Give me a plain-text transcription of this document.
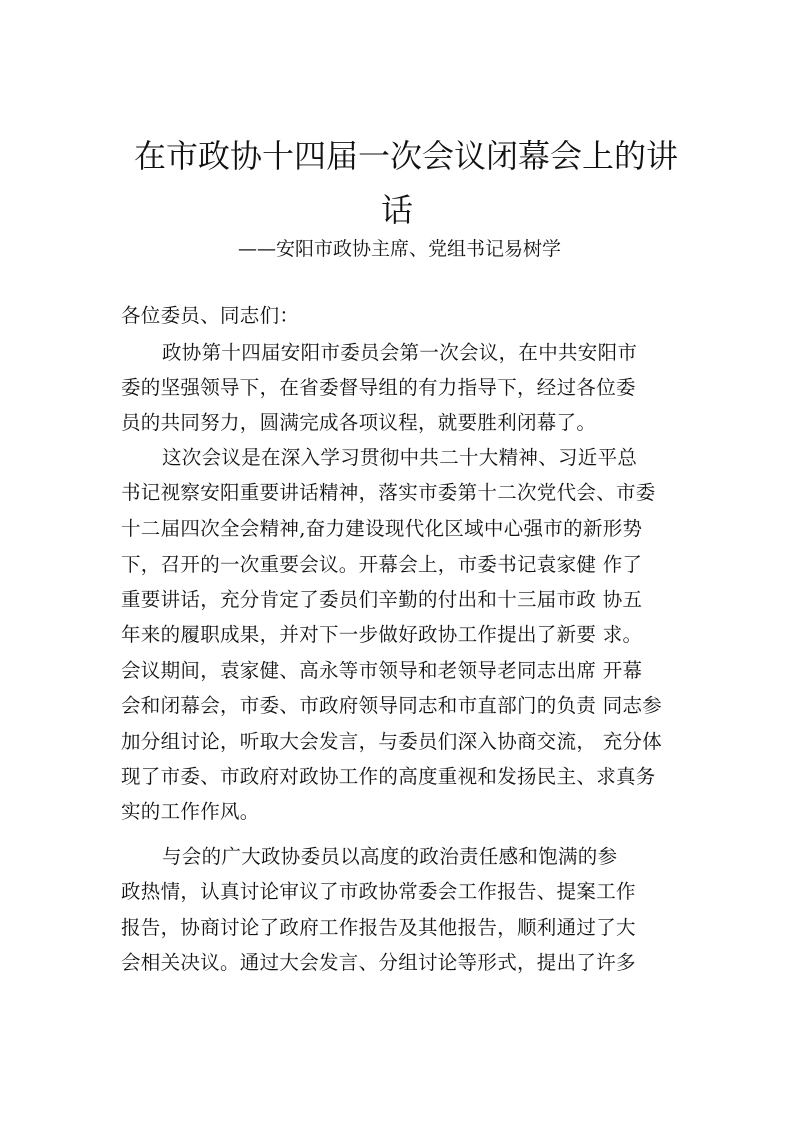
在市政协十四届一次会议闭幕会上的讲
话
——安阳市政协主席、党组书记易树学
各位委员、同志们：
政协第十四届安阳市委员会第一次会议，在中共安阳市
委的坚强领导下，在省委督导组的有力指导下，经过各位委
员的共同努力，圆满完成各项议程，就要胜利闭幕了。
这次会议是在深入学习贯彻中共二十大精神、习近平总
书记视察安阳重要讲话精神，落实市委第十二次党代会、市委
十二届四次全会精神,奋力建设现代化区域中心强市的新形势
下，召开的一次重要会议。开幕会上，市委书记袁家健 作了
重要讲话，充分肯定了委员们辛勤的付出和十三届市政 协五
年来的履职成果，并对下一步做好政协工作提出了新要 求。
会议期间，袁家健、高永等市领导和老领导老同志出席 开幕
会和闭幕会，市委、市政府领导同志和市直部门的负责 同志参
加分组讨论，听取大会发言，与委员们深入协商交流， 充分体
现了市委、市政府对政协工作的高度重视和发扬民主、求真务
实的工作作风。
与会的广大政协委员以高度的政治责任感和饱满的参
政热情，认真讨论审议了市政协常委会工作报告、提案工作
报告，协商讨论了政府工作报告及其他报告，顺利通过了大
会相关决议。通过大会发言、分组讨论等形式，提出了许多
